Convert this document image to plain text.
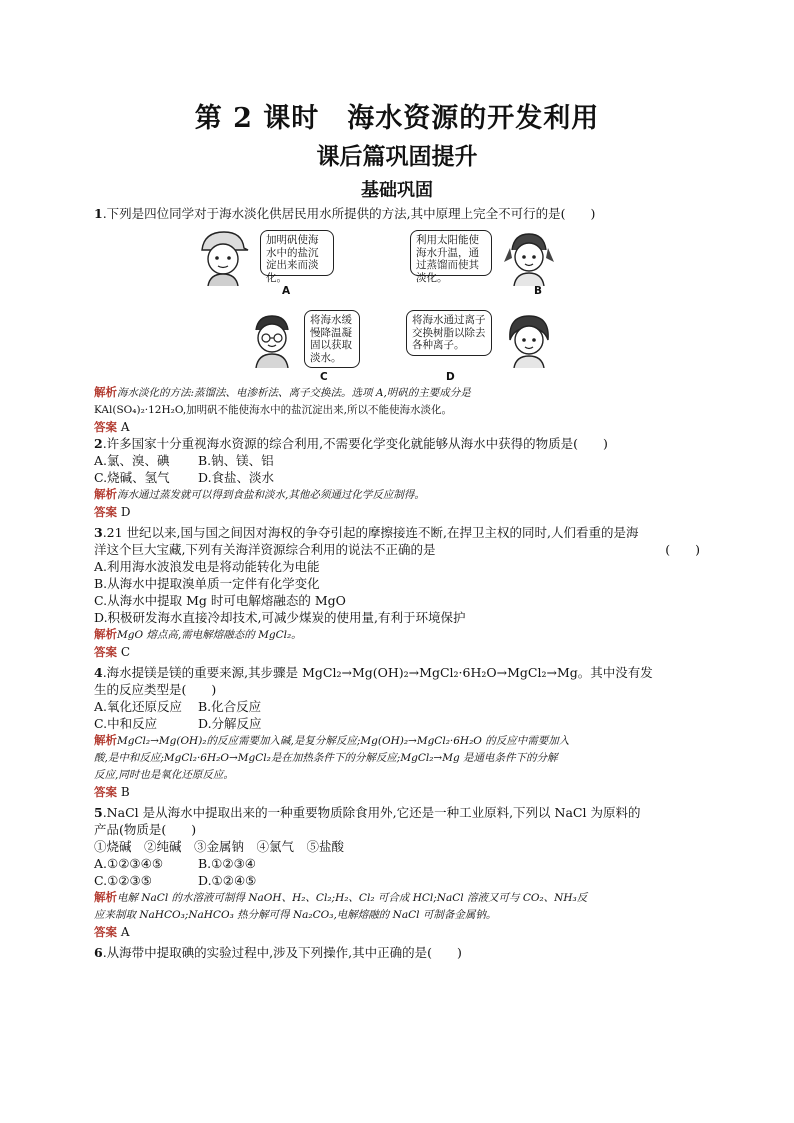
第 2 课时　海水资源的开发利用
课后篇巩固提升
基础巩固

1.下列是四位同学对于海水淡化供居民用水所提供的方法,其中原理上完全不可行的是(　　)

加明矾使海水中的盐沉淀出来而淡化。
A
利用太阳能使海水升温，通过蒸馏而使其淡化。
B
将海水缓慢降温凝固以获取淡水。
C
将海水通过离子交换树脂以除去各种离子。
D

解析海水淡化的方法:蒸馏法、电渗析法、离子交换法。选项 A,明矾的主要成分是

KAl(SO₄)₂·12H₂O,加明矾不能使海水中的盐沉淀出来,所以不能使海水淡化。

答案 A

2.许多国家十分重视海水资源的综合利用,不需要化学变化就能够从海水中获得的物质是(　　)

A.氯、溴、碘 B.钠、镁、铝

C.烧碱、氢气 D.食盐、淡水

解析海水通过蒸发就可以得到食盐和淡水,其他必须通过化学反应制得。

答案 D

3.21 世纪以来,国与国之间因对海权的争夺引起的摩擦接连不断,在捍卫主权的同时,人们看重的是海

洋这个巨大宝藏,下列有关海洋资源综合利用的说法不正确的是	(　　)

A.利用海水波浪发电是将动能转化为电能

B.从海水中提取溴单质一定伴有化学变化

C.从海水中提取 Mg 时可电解熔融态的 MgO

D.积极研发海水直接冷却技术,可减少煤炭的使用量,有利于环境保护

解析MgO 熔点高,需电解熔融态的 MgCl₂。

答案 C

4.海水提镁是镁的重要来源,其步骤是 MgCl₂→Mg(OH)₂→MgCl₂·6H₂O→MgCl₂→Mg。其中没有发

生的反应类型是(　　)

A.氧化还原反应 B.化合反应

C.中和反应	D.分解反应

解析MgCl₂→Mg(OH)₂的反应需要加入碱,是复分解反应;Mg(OH)₂→MgCl₂·6H₂O 的反应中需要加入

酸,是中和反应;MgCl₂·6H₂O→MgCl₂是在加热条件下的分解反应;MgCl₂→Mg 是通电条件下的分解

反应,同时也是氧化还原反应。

答案 B

5.NaCl 是从海水中提取出来的一种重要物质除食用外,它还是一种工业原料,下列以 NaCl 为原料的

产品(物质是(　　)

①烧碱　②纯碱　③金属钠　④氯气　⑤盐酸

A.①②③④⑤	B.①②③④

C.①②③⑤	D.①②④⑤

解析电解 NaCl 的水溶液可制得 NaOH、H₂、Cl₂;H₂、Cl₂ 可合成 HCl;NaCl 溶液又可与 CO₂、NH₃反

应来制取 NaHCO₃;NaHCO₃ 热分解可得 Na₂CO₃,电解熔融的 NaCl 可制备金属钠。

答案 A

6.从海带中提取碘的实验过程中,涉及下列操作,其中正确的是(　　)
